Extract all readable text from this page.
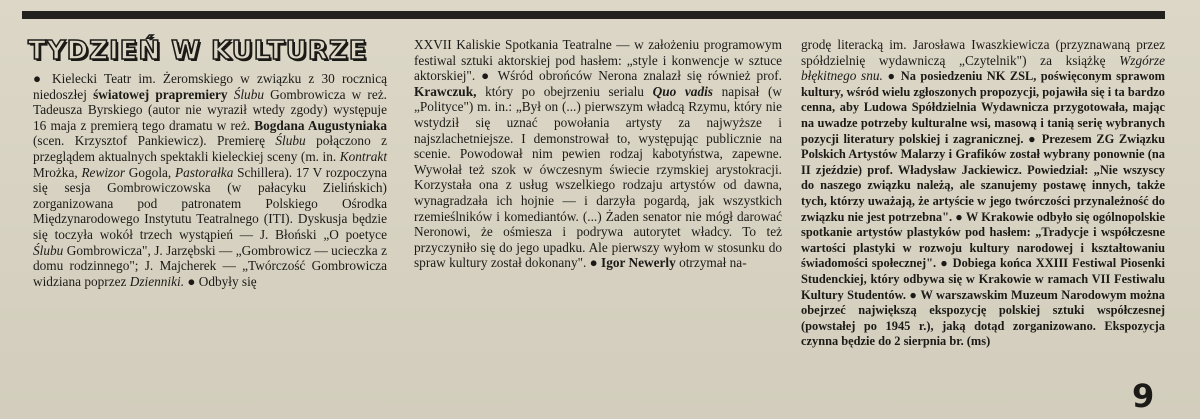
TYDZIEŃ W KULTURZE

● Kielecki Teatr im. Żeromskiego w związku z 30 rocznicą niedoszłej światowej prapremiery Ślubu Gombrowicza w reż. Tadeusza Byrskiego (autor nie wyraził wtedy zgody) występuje 16 maja z premierą tego dramatu w reż. Bogdana Augustyniaka (scen. Krzysztof Pankiewicz). Premierę Ślubu połączono z przeglądem aktualnych spektakli kieleckiej sceny (m. in. Kontrakt Mrożka, Rewizor Gogola, Pastorałka Schillera). 17 V rozpoczyna się sesja Gombrowiczowska (w pałacyku Zielińskich) zorganizowana pod patronatem Polskiego Ośrodka Międzynarodowego Instytutu Teatralnego (ITI). Dyskusja będzie się toczyła wokół trzech wystąpień — J. Błoński „O poetyce Ślubu Gombrowicza", J. Jarzębski — „Gombrowicz — ucieczka z domu rodzinnego"; J. Majcherek — „Twórczość Gombrowicza widziana poprzez Dzienniki. ● Odbyły się

XXVII Kaliskie Spotkania Teatralne — w założeniu programowym festiwal sztuki aktorskiej pod hasłem: „style i konwencje w sztuce aktorskiej". ● Wśród obrońców Nerona znalazł się również prof. Krawczuk, który po obejrzeniu serialu Quo vadis napisał (w „Polityce") m. in.: „Był on (...) pierwszym władcą Rzymu, który nie wstydził się uznać powołania artysty za najwyższe i najszlachetniejsze. I demonstrował to, występując publicznie na scenie. Powodował nim pewien rodzaj kabotyństwa, zapewne. Wywołał też szok w ówczesnym świecie rzymskiej arystokracji. Korzystała ona z usług wszelkiego rodzaju artystów od dawna, wynagradzała ich hojnie — i darzyła pogardą, jak wszystkich rzemieślników i komediantów. (...) Żaden senator nie mógł darować Neronowi, że ośmiesza i podrywa autorytet władcy. To też przyczyniło się do jego upadku. Ale pierwszy wyłom w stosunku do spraw kultury został dokonany". ● Igor Newerly otrzymał na-

grodę literacką im. Jarosława Iwaszkiewicza (przyznawaną przez spółdzielnię wydawniczą „Czytelnik") za książkę Wzgórze błękitnego snu. ● Na posiedzeniu NK ZSL, poświęconym sprawom kultury, wśród wielu zgłoszonych propozycji, pojawiła się i ta bardzo cenna, aby Ludowa Spółdzielnia Wydawnicza przygotowała, mając na uwadze potrzeby kulturalne wsi, masową i tanią serię wybranych pozycji literatury polskiej i zagranicznej. ● Prezesem ZG Związku Polskich Artystów Malarzy i Grafików został wybrany ponownie (na II zjeździe) prof. Władysław Jackiewicz. Powiedział: „Nie wszyscy do naszego związku należą, ale szanujemy postawę innych, także tych, którzy uważają, że artyście w jego twórczości przynależność do związku nie jest potrzebna". ● W Krakowie odbyło się ogólnopolskie spotkanie artystów plastyków pod hasłem: „Tradycje i współczesne wartości plastyki w rozwoju kultury narodowej i kształtowaniu świadomości społecznej". ● Dobiega końca XXIII Festiwal Piosenki Studenckiej, który odbywa się w Krakowie w ramach VII Festiwalu Kultury Studentów. ● W warszawskim Muzeum Narodowym można obejrzeć największą ekspozycję polskiej sztuki współczesnej (powstałej po 1945 r.), jaką dotąd zorganizowano. Ekspozycja czynna będzie do 2 sierpnia br. (ms)

9
